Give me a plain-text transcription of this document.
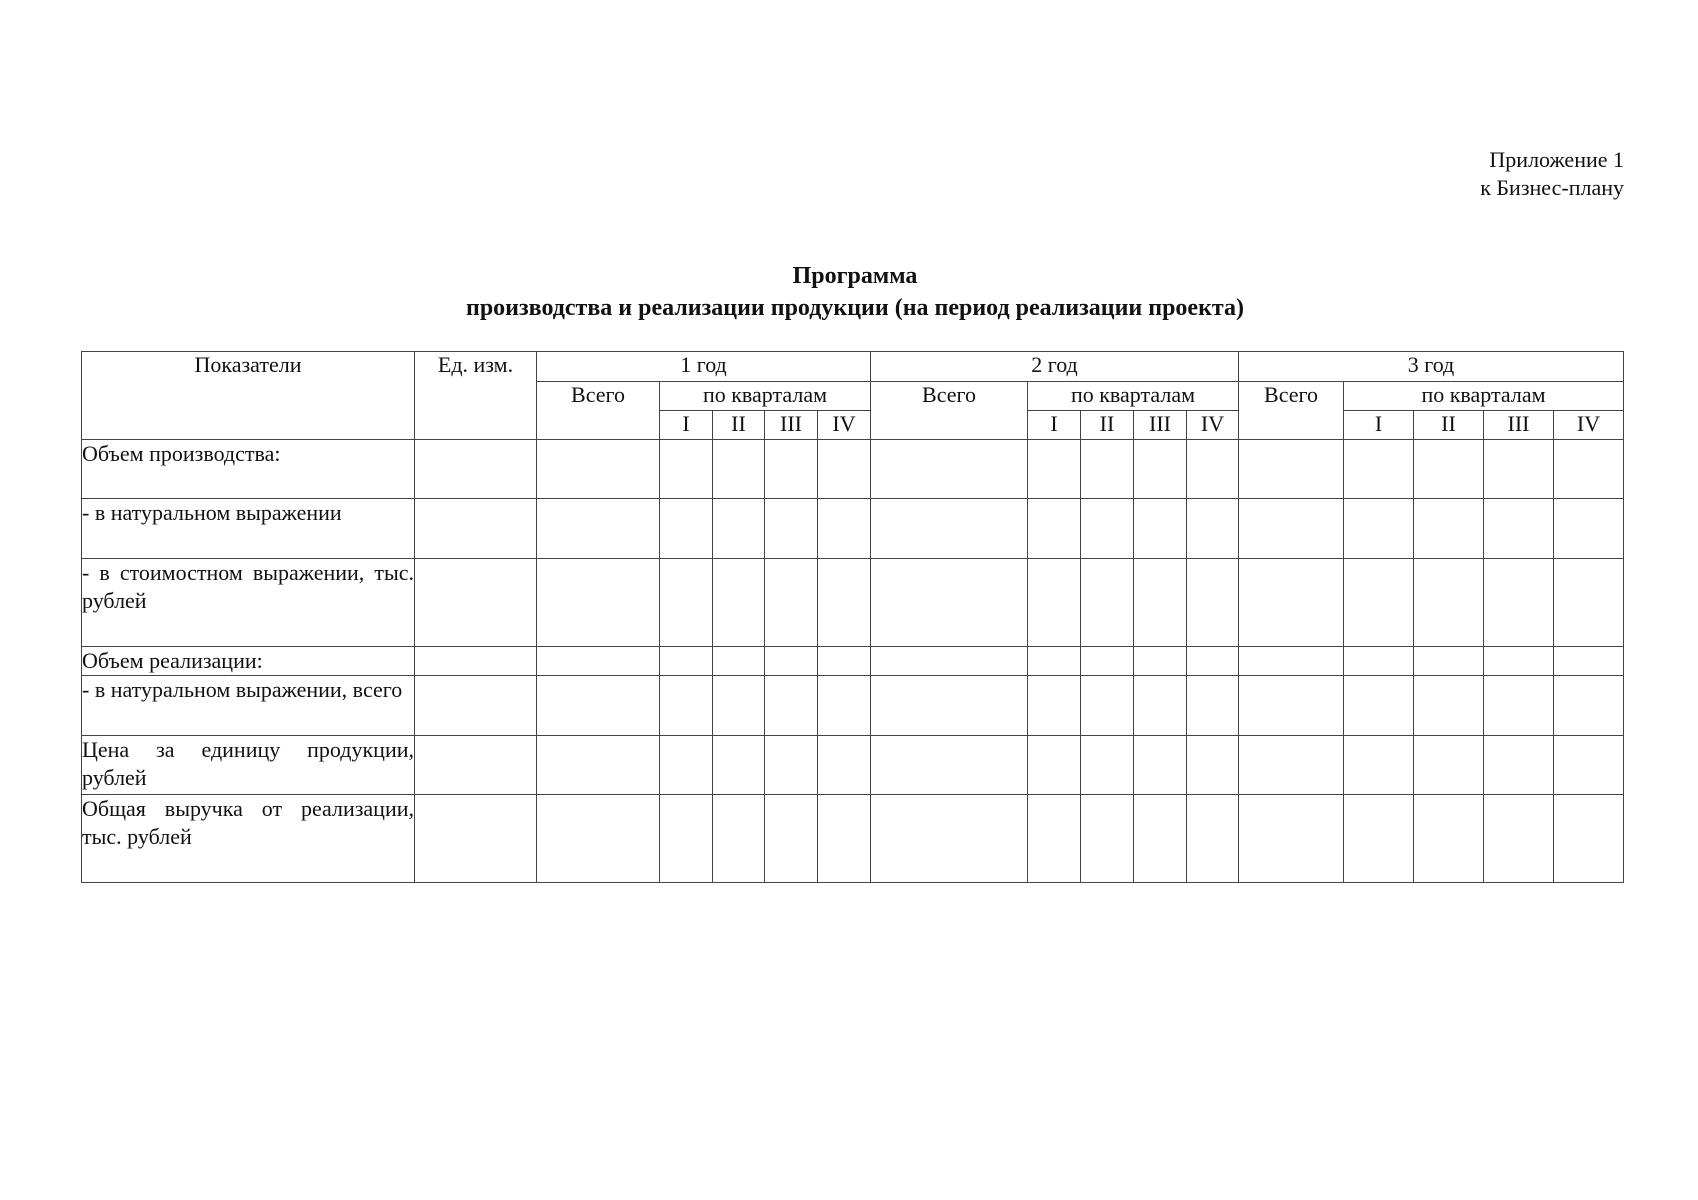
Приложение 1
к Бизнес-плану
Программа
производства и реализации продукции (на период реализации проекта)
Показатели	Ед. изм.	1 год					2 год					3 год				
		Всего	по кварталам				Всего	по кварталам				Всего	по кварталам			
			I	II	III	IV		I	II	III	IV		I	II	III	IV
Объем производства:																
- в натуральном выражении																
- в стоимостном выражении, тыс. рублей																
Объем реализации:																
- в натуральном выражении, всего																
Цена за единицу продукции, рублей																
Общая выручка от реализации, тыс. рублей																
